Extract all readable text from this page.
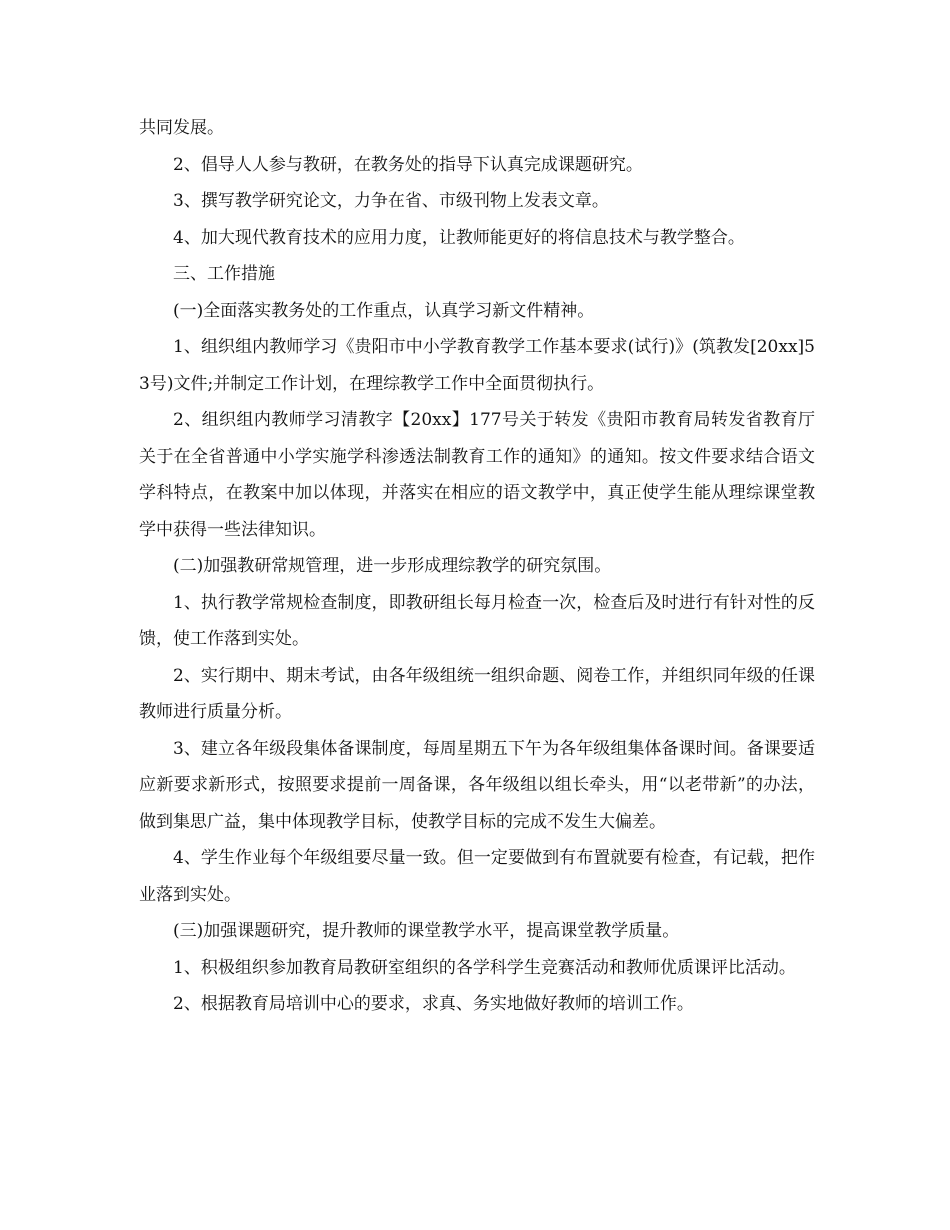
共同发展。

2、倡导人人参与教研，在教务处的指导下认真完成课题研究。

3、撰写教学研究论文，力争在省、市级刊物上发表文章。

4、加大现代教育技术的应用力度，让教师能更好的将信息技术与教学整合。

三、工作措施

(一)全面落实教务处的工作重点，认真学习新文件精神。

1、组织组内教师学习《贵阳市中小学教育教学工作基本要求(试行)》(筑教发[20xx]53号)文件;并制定工作计划，在理综教学工作中全面贯彻执行。

2、组织组内教师学习清教字【20xx】177号关于转发《贵阳市教育局转发省教育厅关于在全省普通中小学实施学科渗透法制教育工作的通知》的通知。按文件要求结合语文学科特点，在教案中加以体现，并落实在相应的语文教学中，真正使学生能从理综课堂教学中获得一些法律知识。

(二)加强教研常规管理，进一步形成理综教学的研究氛围。

1、执行教学常规检查制度，即教研组长每月检查一次，检查后及时进行有针对性的反馈，使工作落到实处。

2、实行期中、期末考试，由各年级组统一组织命题、阅卷工作，并组织同年级的任课教师进行质量分析。

3、建立各年级段集体备课制度，每周星期五下午为各年级组集体备课时间。备课要适应新要求新形式，按照要求提前一周备课，各年级组以组长牵头，用“以老带新”的办法， 做到集思广益，集中体现教学目标，使教学目标的完成不发生大偏差。

4、学生作业每个年级组要尽量一致。但一定要做到有布置就要有检查，有记载，把作业落到实处。

(三)加强课题研究，提升教师的课堂教学水平，提高课堂教学质量。

1、积极组织参加教育局教研室组织的各学科学生竞赛活动和教师优质课评比活动。

2、根据教育局培训中心的要求，求真、务实地做好教师的培训工作。
